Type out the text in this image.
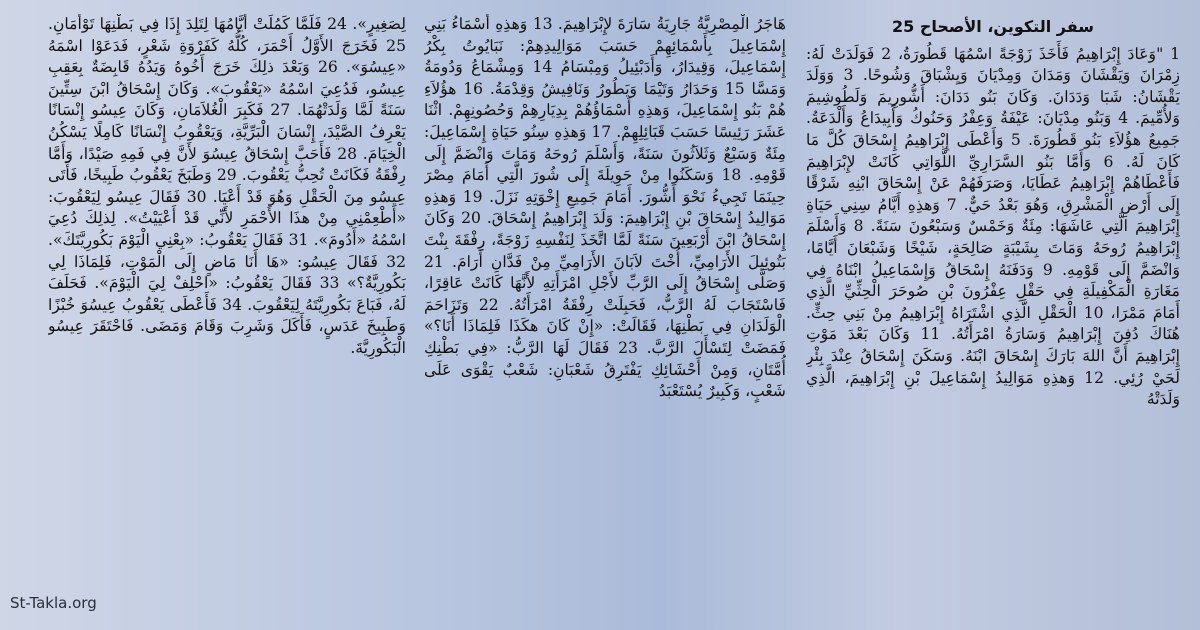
سفر التكوين، الأصحاح 25

1 "وَعَادَ إِبْرَاهِيمُ فَأَخَذَ زَوْجَةً اسْمُهَا قَطُورَةُ، 2 فَوَلَدَتْ لَهُ: زِمْرَانَ وَيَقْشَانَ وَمَدَانَ وَمِدْيَانَ وَيِشْبَاقَ وَشُوحًا. 3 وَوَلَدَ يَقْشَانُ: شَبَا وَدَدَانَ. وَكَانَ بَنُو دَدَانَ: أَشُّورِيمَ وَلَطُوشِيمَ وَلأُمِّيمَ. 4 وَبَنُو مِدْيَانَ: عَيْفَةُ وَعِفْرُ وَحَنُوكُ وَأَبِيدَاعُ وَأَلْدَعَةُ. جَمِيعُ هؤُلاَءِ بَنُو قَطُورَةَ. 5 وَأَعْطَى إِبْرَاهِيمُ إِسْحَاقَ كُلَّ مَا كَانَ لَهُ. 6 وَأَمَّا بَنُو السَّرَارِيِّ اللَّوَاتِي كَانَتْ لإِبْرَاهِيمَ فَأَعْطَاهُمْ إِبْرَاهِيمُ عَطَايَا، وَصَرَفَهُمْ عَنْ إِسْحَاقَ ابْنِهِ شَرْقًا إِلَى أَرْضِ الْمَشْرِقِ، وَهُوَ بَعْدُ حَيٌّ. 7 وَهذِهِ أَيَّامُ سِنِي حَيَاةِ إِبْرَاهِيمَ الَّتِي عَاشَهَا: مِئَةٌ وَخَمْسٌ وَسَبْعُونَ سَنَةً. 8 وَأَسْلَمَ إِبْرَاهِيمُ رُوحَهُ وَمَاتَ بِشَيْبَةٍ صَالِحَةٍ، شَيْخًا وَشَبْعَانَ أَيَّامًا، وَانْضَمَّ إِلَى قَوْمِهِ. 9 وَدَفَنَهُ إِسْحَاقُ وَإِسْمَاعِيلُ ابْنَاهُ فِي مَغَارَةِ الْمَكْفِيلَةِ فِي حَقْلِ عِفْرُونَ بْنِ صُوحَرَ الْحِثِّيِّ الَّذِي أَمَامَ مَمْرَا، 10 الْحَقْلِ الَّذِي اشْتَرَاهُ إِبْرَاهِيمُ مِنْ بَنِي حِثٍّ. هُنَاكَ دُفِنَ إِبْرَاهِيمُ وَسَارَةُ امْرَأَتُهُ. 11 وَكَانَ بَعْدَ مَوْتِ إِبْرَاهِيمَ أَنَّ اللهَ بَارَكَ إِسْحَاقَ ابْنَهُ. وَسَكَنَ إِسْحَاقُ عِنْدَ بِئْرِ لَحَيْ رُئِي. 12 وَهذِهِ مَوَالِيدُ إِسْمَاعِيلَ بْنِ إِبْرَاهِيمَ، الَّذِي وَلَدَتْهُ

هَاجَرُ الْمِصْرِيَّةُ جَارِيَةُ سَارَةَ لإِبْرَاهِيمَ. 13 وَهذِهِ أَسْمَاءُ بَنِي إِسْمَاعِيلَ بِأَسْمَائِهِمْ حَسَبَ مَوَالِيدِهِمْ: نَبَايُوتُ بِكْرُ إِسْمَاعِيلَ، وَقِيدَارُ، وَأَدَبْئِيلُ وَمِبْسَامُ 14 وَمِشْمَاعُ وَدُومَةُ وَمَسَّا 15 وَحَدَارُ وَتَيْمَا وَيَطُورُ وَنَافِيشُ وَقِدْمَةُ. 16 هؤُلاَءِ هُمْ بَنُو إِسْمَاعِيلَ، وَهذِهِ أَسْمَاؤُهُمْ بِدِيَارِهِمْ وَحُصُونِهِمْ. اثْنَا عَشَرَ رَئِيسًا حَسَبَ قَبَائِلِهِمْ. 17 وَهذِهِ سِنُو حَيَاةِ إِسْمَاعِيلَ: مِئَةٌ وَسَبْعٌ وَثَلاَثُونَ سَنَةً، وَأَسْلَمَ رُوحَهُ وَمَاتَ وَانْضَمَّ إِلَى قَوْمِهِ. 18 وَسَكَنُوا مِنْ حَوِيلَةَ إِلَى شُورَ الَّتِي أَمَامَ مِصْرَ حِينَمَا تَجِيءُ نَحْوَ أَشُّورَ. أَمَامَ جَمِيعِ إِخْوَتِهِ نَزَلَ. 19 وَهذِهِ مَوَالِيدُ إِسْحَاقَ بْنِ إِبْرَاهِيمَ: وَلَدَ إِبْرَاهِيمُ إِسْحَاقَ. 20 وَكَانَ إِسْحَاقُ ابْنَ أَرْبَعِينَ سَنَةً لَمَّا اتَّخَذَ لِنَفْسِهِ زَوْجَةً، رِفْقَةَ بِنْتَ بَتُوئِيلَ الأَرَامِيِّ، أُخْتَ لاَبَانَ الأَرَامِيِّ مِنْ فَدَّانِ أَرَامَ. 21 وَصَلَّى إِسْحَاقُ إِلَى الرَّبِّ لأَجْلِ امْرَأَتِهِ لأَنَّهَا كَانَتْ عَاقِرًا، فَاسْتَجَابَ لَهُ الرَّبُّ، فَحَبِلَتْ رِفْقَةُ امْرَأَتُهُ. 22 وَتَزَاحَمَ الْوَلَدَانِ فِي بَطْنِهَا، فَقَالَتْ: «إِنْ كَانَ هكَذَا فَلِمَاذَا أَنَا؟» فَمَضَتْ لِتَسْأَلَ الرَّبَّ. 23 فَقَالَ لَهَا الرَّبُّ: «فِي بَطْنِكِ أُمَّتَانِ، وَمِنْ أَحْشَائِكِ يَفْتَرِقُ شَعْبَانِ: شَعْبٌ يَقْوَى عَلَى شَعْبٍ، وَكَبِيرٌ يُسْتَعْبَدُ

لِصَغِيرٍ». 24 فَلَمَّا كَمُلَتْ أَيَّامُهَا لِتَلِدَ إِذَا فِي بَطْنِهَا تَوْأَمَانِ. 25 فَخَرَجَ الأَوَّلُ أَحْمَرَ، كُلُّهُ كَفَرْوَةِ شَعْرٍ، فَدَعَوْا اسْمَهُ «عِيسُوَ». 26 وَبَعْدَ ذلِكَ خَرَجَ أَخُوهُ وَيَدُهُ قَابِضَةٌ بِعَقِبِ عِيسُو، فَدُعِيَ اسْمُهُ «يَعْقُوبَ». وَكَانَ إِسْحَاقُ ابْنَ سِتِّينَ سَنَةً لَمَّا وَلَدَتْهُمَا. 27 فَكَبِرَ الْغُلاَمَانِ، وَكَانَ عِيسُو إِنْسَانًا يَعْرِفُ الصَّيْدَ، إِنْسَانَ الْبَرِّيَّةِ، وَيَعْقُوبُ إِنْسَانًا كَامِلًا يَسْكُنُ الْخِيَامَ. 28 فَأَحَبَّ إِسْحَاقُ عِيسُوَ لأَنَّ فِي فَمِهِ صَيْدًا، وَأَمَّا رِفْقَةُ فَكَانَتْ تُحِبُّ يَعْقُوبَ. 29 وَطَبَخَ يَعْقُوبُ طَبِيخًا، فَأَتَى عِيسُو مِنَ الْحَقْلِ وَهُوَ قَدْ أَعْيَا. 30 فَقَالَ عِيسُو لِيَعْقُوبَ: «أَطْعِمْنِي مِنْ هذَا الأَحْمَرِ لأَنِّي قَدْ أَعْيَيْتُ». لِذلِكَ دُعِيَ اسْمُهُ «أَدُومَ». 31 فَقَالَ يَعْقُوبُ: «بِعْنِي الْيَوْمَ بَكُورِيَّتَكَ». 32 فَقَالَ عِيسُو: «هَا أَنَا مَاضٍ إِلَى الْمَوْتِ، فَلِمَاذَا لِي بَكُورِيَّةٌ؟» 33 فَقَالَ يَعْقُوبُ: «احْلِفْ لِيَ الْيَوْمَ». فَحَلَفَ لَهُ، فَبَاعَ بَكُورِيَّتَهُ لِيَعْقُوبَ. 34 فَأَعْطَى يَعْقُوبُ عِيسُوَ خُبْزًا وَطَبِيخَ عَدَسٍ، فَأَكَلَ وَشَرِبَ وَقَامَ وَمَضَى. فَاحْتَقَرَ عِيسُو الْبَكُورِيَّةَ.

St-Takla.org
